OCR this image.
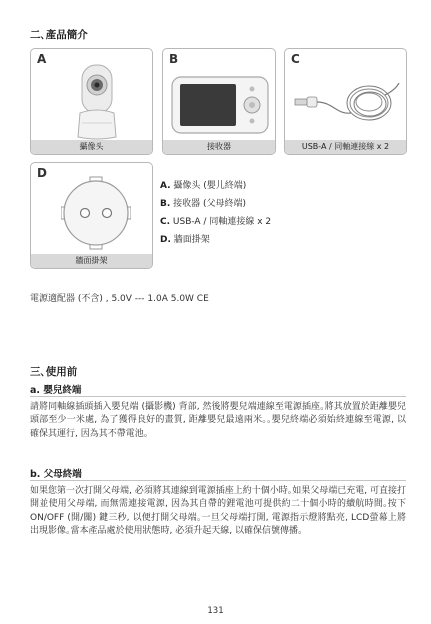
二､產品簡介
A
攝像头
B
接收器
C
USB-A / 同軸連接線 x 2
D
牆面掛架
A. 攝像头 (嬰儿終端)
B. 接收器 (父母終端)
C. USB-A / 同軸連接線 x 2
D. 牆面掛架
電源適配器 (不含) , 5.0V --- 1.0A 5.0W CE
三､使用前
a. 嬰兒終端
請將同軸線插頭插入嬰兒端 (攝影機) 背部, 然後將嬰兒端連線至電源插座｡將其放置於距離嬰兒頭部至少一米處, 為了獲得良好的畫質, 距離嬰兒最遠兩米｡｡嬰兒終端必須始終連線至電源, 以確保其運行, 因為其不帶電池｡
b. 父母終端
如果您第一次打開父母端, 必須將其連線到電源插座上約十個小時｡如果父母端已充電, 可直接打開並使用父母端, 而無需連接電源, 因為其自帶的鋰電池可提供約二十個小時的續航時間｡按下ON/OFF (開/關) 鍵三秒, 以便打開父母端｡一旦父母端打開, 電源指示燈將點亮, LCD螢幕上將出現影像｡當本產品處於使用狀態時, 必須升起天線, 以確保信號傳播｡
131
